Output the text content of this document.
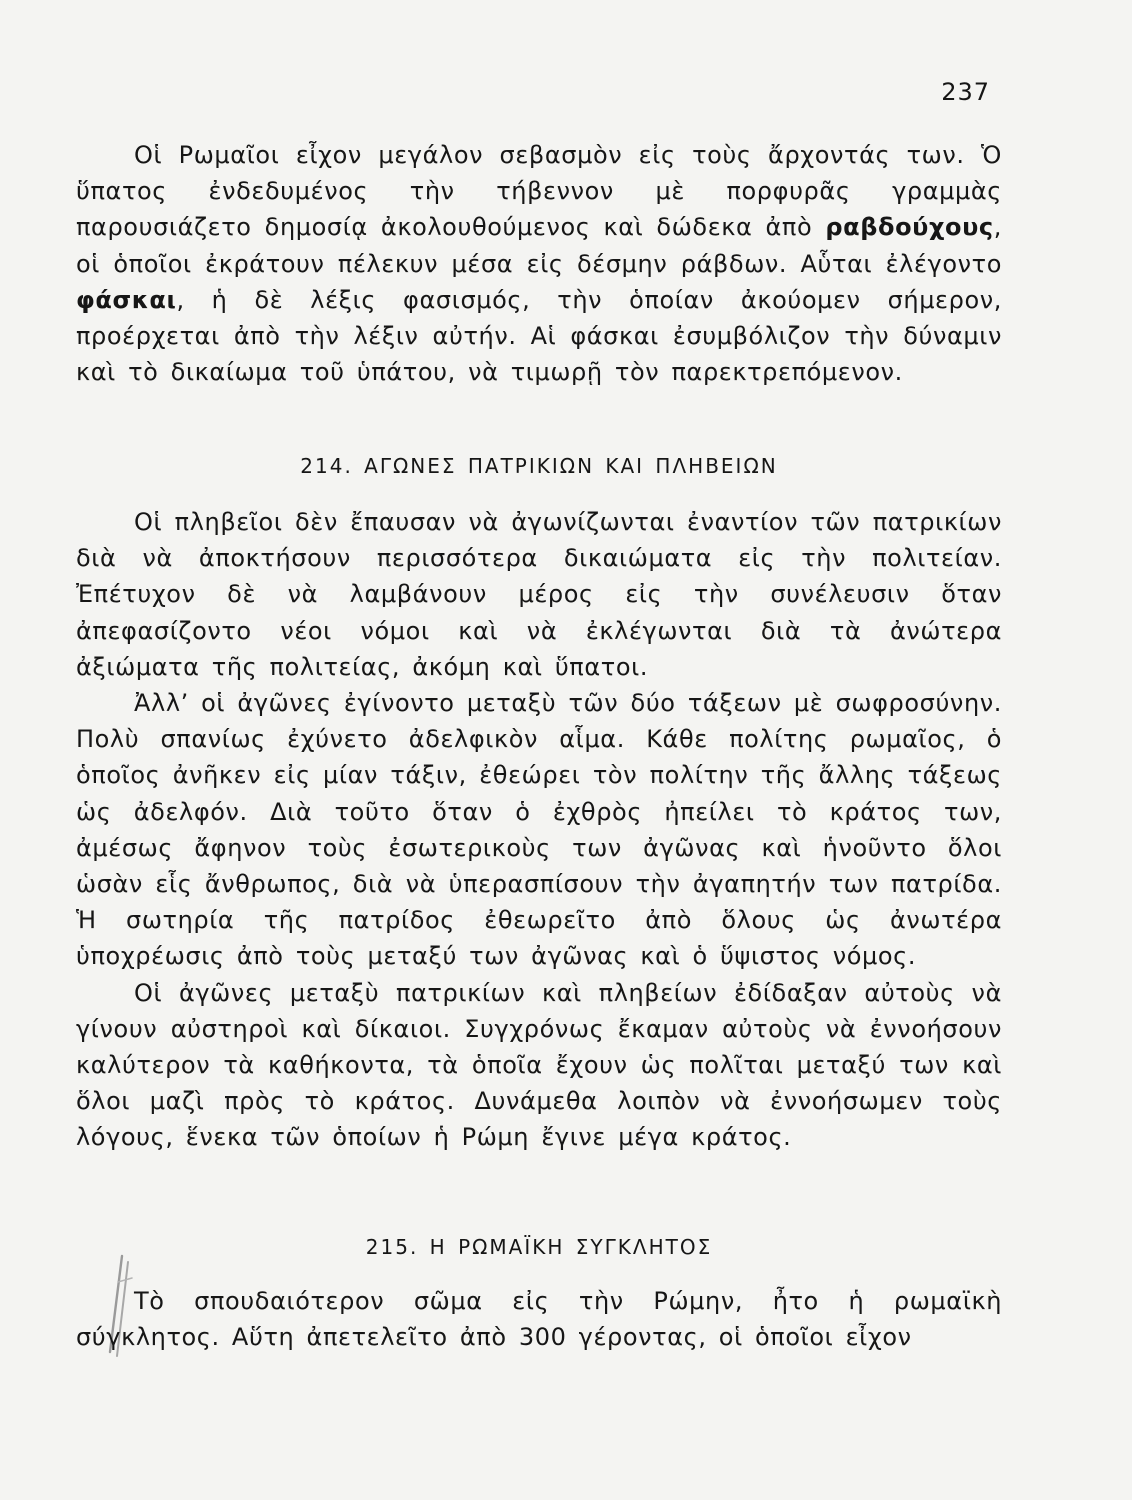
237

Οἱ Ρωμαῖοι εἶχον μεγάλον σεβασμὸν εἰς τοὺς ἄρχοντάς των. Ὁ ὕπατος ἐνδεδυμένος τὴν τήβεννον μὲ πορφυρᾶς γραμμὰς παρουσιάζετο δημοσίᾳ ἀκολουθούμενος καὶ δώδεκα ἀπὸ ραβδούχους, οἱ ὁποῖοι ἐκράτουν πέλεκυν μέσα εἰς δέσμην ράβδων. Αὗται ἐλέγοντο φάσκαι, ἡ δὲ λέξις φασισμός, τὴν ὁποίαν ἀκούομεν σήμερον, προέρχεται ἀπὸ τὴν λέξιν αὐτήν. Αἱ φάσκαι ἐσυμβόλιζον τὴν δύναμιν καὶ τὸ δικαίωμα τοῦ ὑπάτου, νὰ τιμωρῇ τὸν παρεκτρεπόμενον.

214. ΑΓΩΝΕΣ ΠΑΤΡΙΚΙΩΝ ΚΑΙ ΠΛΗΒΕΙΩΝ

Οἱ πληβεῖοι δὲν ἔπαυσαν νὰ ἀγωνίζωνται ἐναντίον τῶν πατρικίων διὰ νὰ ἀποκτήσουν περισσότερα δικαιώματα εἰς τὴν πολιτείαν. Ἐπέτυχον δὲ νὰ λαμβάνουν μέρος εἰς τὴν συνέλευσιν ὅταν ἀπεφασίζοντο νέοι νόμοι καὶ νὰ ἐκλέγωνται διὰ τὰ ἀνώτερα ἀξιώματα τῆς πολιτείας, ἀκόμη καὶ ὕπατοι.

Ἀλλ’ οἱ ἀγῶνες ἐγίνοντο μεταξὺ τῶν δύο τάξεων μὲ σωφροσύνην. Πολὺ σπανίως ἐχύνετο ἀδελφικὸν αἷμα. Κάθε πολίτης ρωμαῖος, ὁ ὁποῖος ἀνῆκεν εἰς μίαν τάξιν, ἐθεώρει τὸν πολίτην τῆς ἄλλης τάξεως ὡς ἀδελφόν. Διὰ τοῦτο ὅταν ὁ ἐχθρὸς ἠπείλει τὸ κράτος των, ἀμέσως ἄφηνον τοὺς ἐσωτερικοὺς των ἀγῶνας καὶ ἡνοῦντο ὅλοι ὡσὰν εἷς ἄνθρωπος, διὰ νὰ ὑπερασπίσουν τὴν ἀγαπητήν των πατρίδα. Ἡ σωτηρία τῆς πατρίδος ἐθεωρεῖτο ἀπὸ ὅλους ὡς ἀνωτέρα ὑποχρέωσις ἀπὸ τοὺς μεταξύ των ἀγῶνας καὶ ὁ ὕψιστος νόμος.

Οἱ ἀγῶνες μεταξὺ πατρικίων καὶ πληβείων ἐδίδαξαν αὐτοὺς νὰ γίνουν αὐστηροὶ καὶ δίκαιοι. Συγχρόνως ἔκαμαν αὐτοὺς νὰ ἐννοήσουν καλύτερον τὰ καθήκοντα, τὰ ὁποῖα ἔχουν ὡς πολῖται μεταξύ των καὶ ὅλοι μαζὶ πρὸς τὸ κράτος. Δυνάμεθα λοιπὸν νὰ ἐννοήσωμεν τοὺς λόγους, ἕνεκα τῶν ὁποίων ἡ Ρώμη ἔγινε μέγα κράτος.

215. Η ΡΩΜΑΪΚΗ ΣΥΓΚΛΗΤΟΣ

Τὸ σπουδαιότερον σῶμα εἰς τὴν Ρώμην, ἦτο ἡ ρωμαϊκὴ σύγκλητος. Αὕτη ἀπετελεῖτο ἀπὸ 300 γέροντας, οἱ ὁποῖοι εἶχον
